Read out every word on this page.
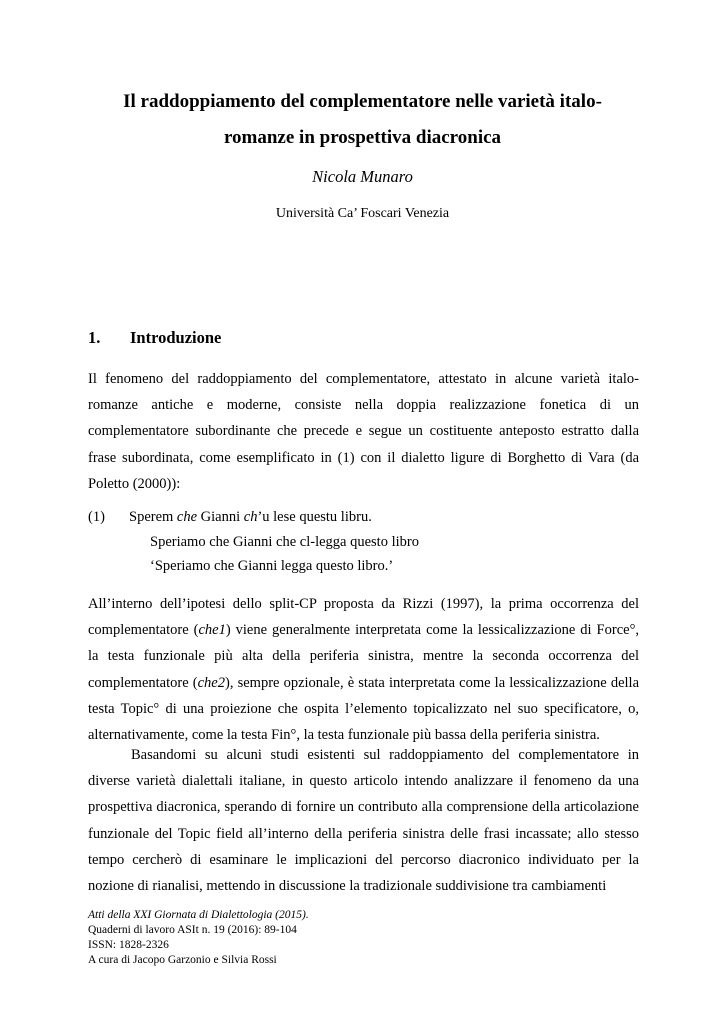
Il raddoppiamento del complementatore nelle varietà italo-
romanze in prospettiva diacronica
Nicola Munaro
Università Ca’ Foscari Venezia
1. Introduzione

Il fenomeno del raddoppiamento del complementatore, attestato in alcune varietà italo-romanze antiche e moderne, consiste nella doppia realizzazione fonetica di un complementatore subordinante che precede e segue un costituente anteposto estratto dalla frase subordinata, come esemplificato in (1) con il dialetto ligure di Borghetto di Vara (da Poletto (2000)):

(1) Sperem che Gianni ch’u lese questu libru.
Speriamo che Gianni che cl-legga questo libro
‘Speriamo che Gianni legga questo libro.’

All’interno dell’ipotesi dello split-CP proposta da Rizzi (1997), la prima occorrenza del complementatore (che1) viene generalmente interpretata come la lessicalizzazione di Force°, la testa funzionale più alta della periferia sinistra, mentre la seconda occorrenza del complementatore (che2), sempre opzionale, è stata interpretata come la lessicalizzazione della testa Topic° di una proiezione che ospita l’elemento topicalizzato nel suo specificatore, o, alternativamente, come la testa Fin°, la testa funzionale più bassa della periferia sinistra.

Basandomi su alcuni studi esistenti sul raddoppiamento del complementatore in diverse varietà dialettali italiane, in questo articolo intendo analizzare il fenomeno da una prospettiva diacronica, sperando di fornire un contributo alla comprensione della articolazione funzionale del Topic field all’interno della periferia sinistra delle frasi incassate; allo stesso tempo cercherò di esaminare le implicazioni del percorso diacronico individuato per la nozione di rianalisi, mettendo in discussione la tradizionale suddivisione tra cambiamenti

Atti della XXI Giornata di Dialettologia (2015).
Quaderni di lavoro ASIt n. 19 (2016): 89-104
ISSN: 1828-2326
A cura di Jacopo Garzonio e Silvia Rossi
